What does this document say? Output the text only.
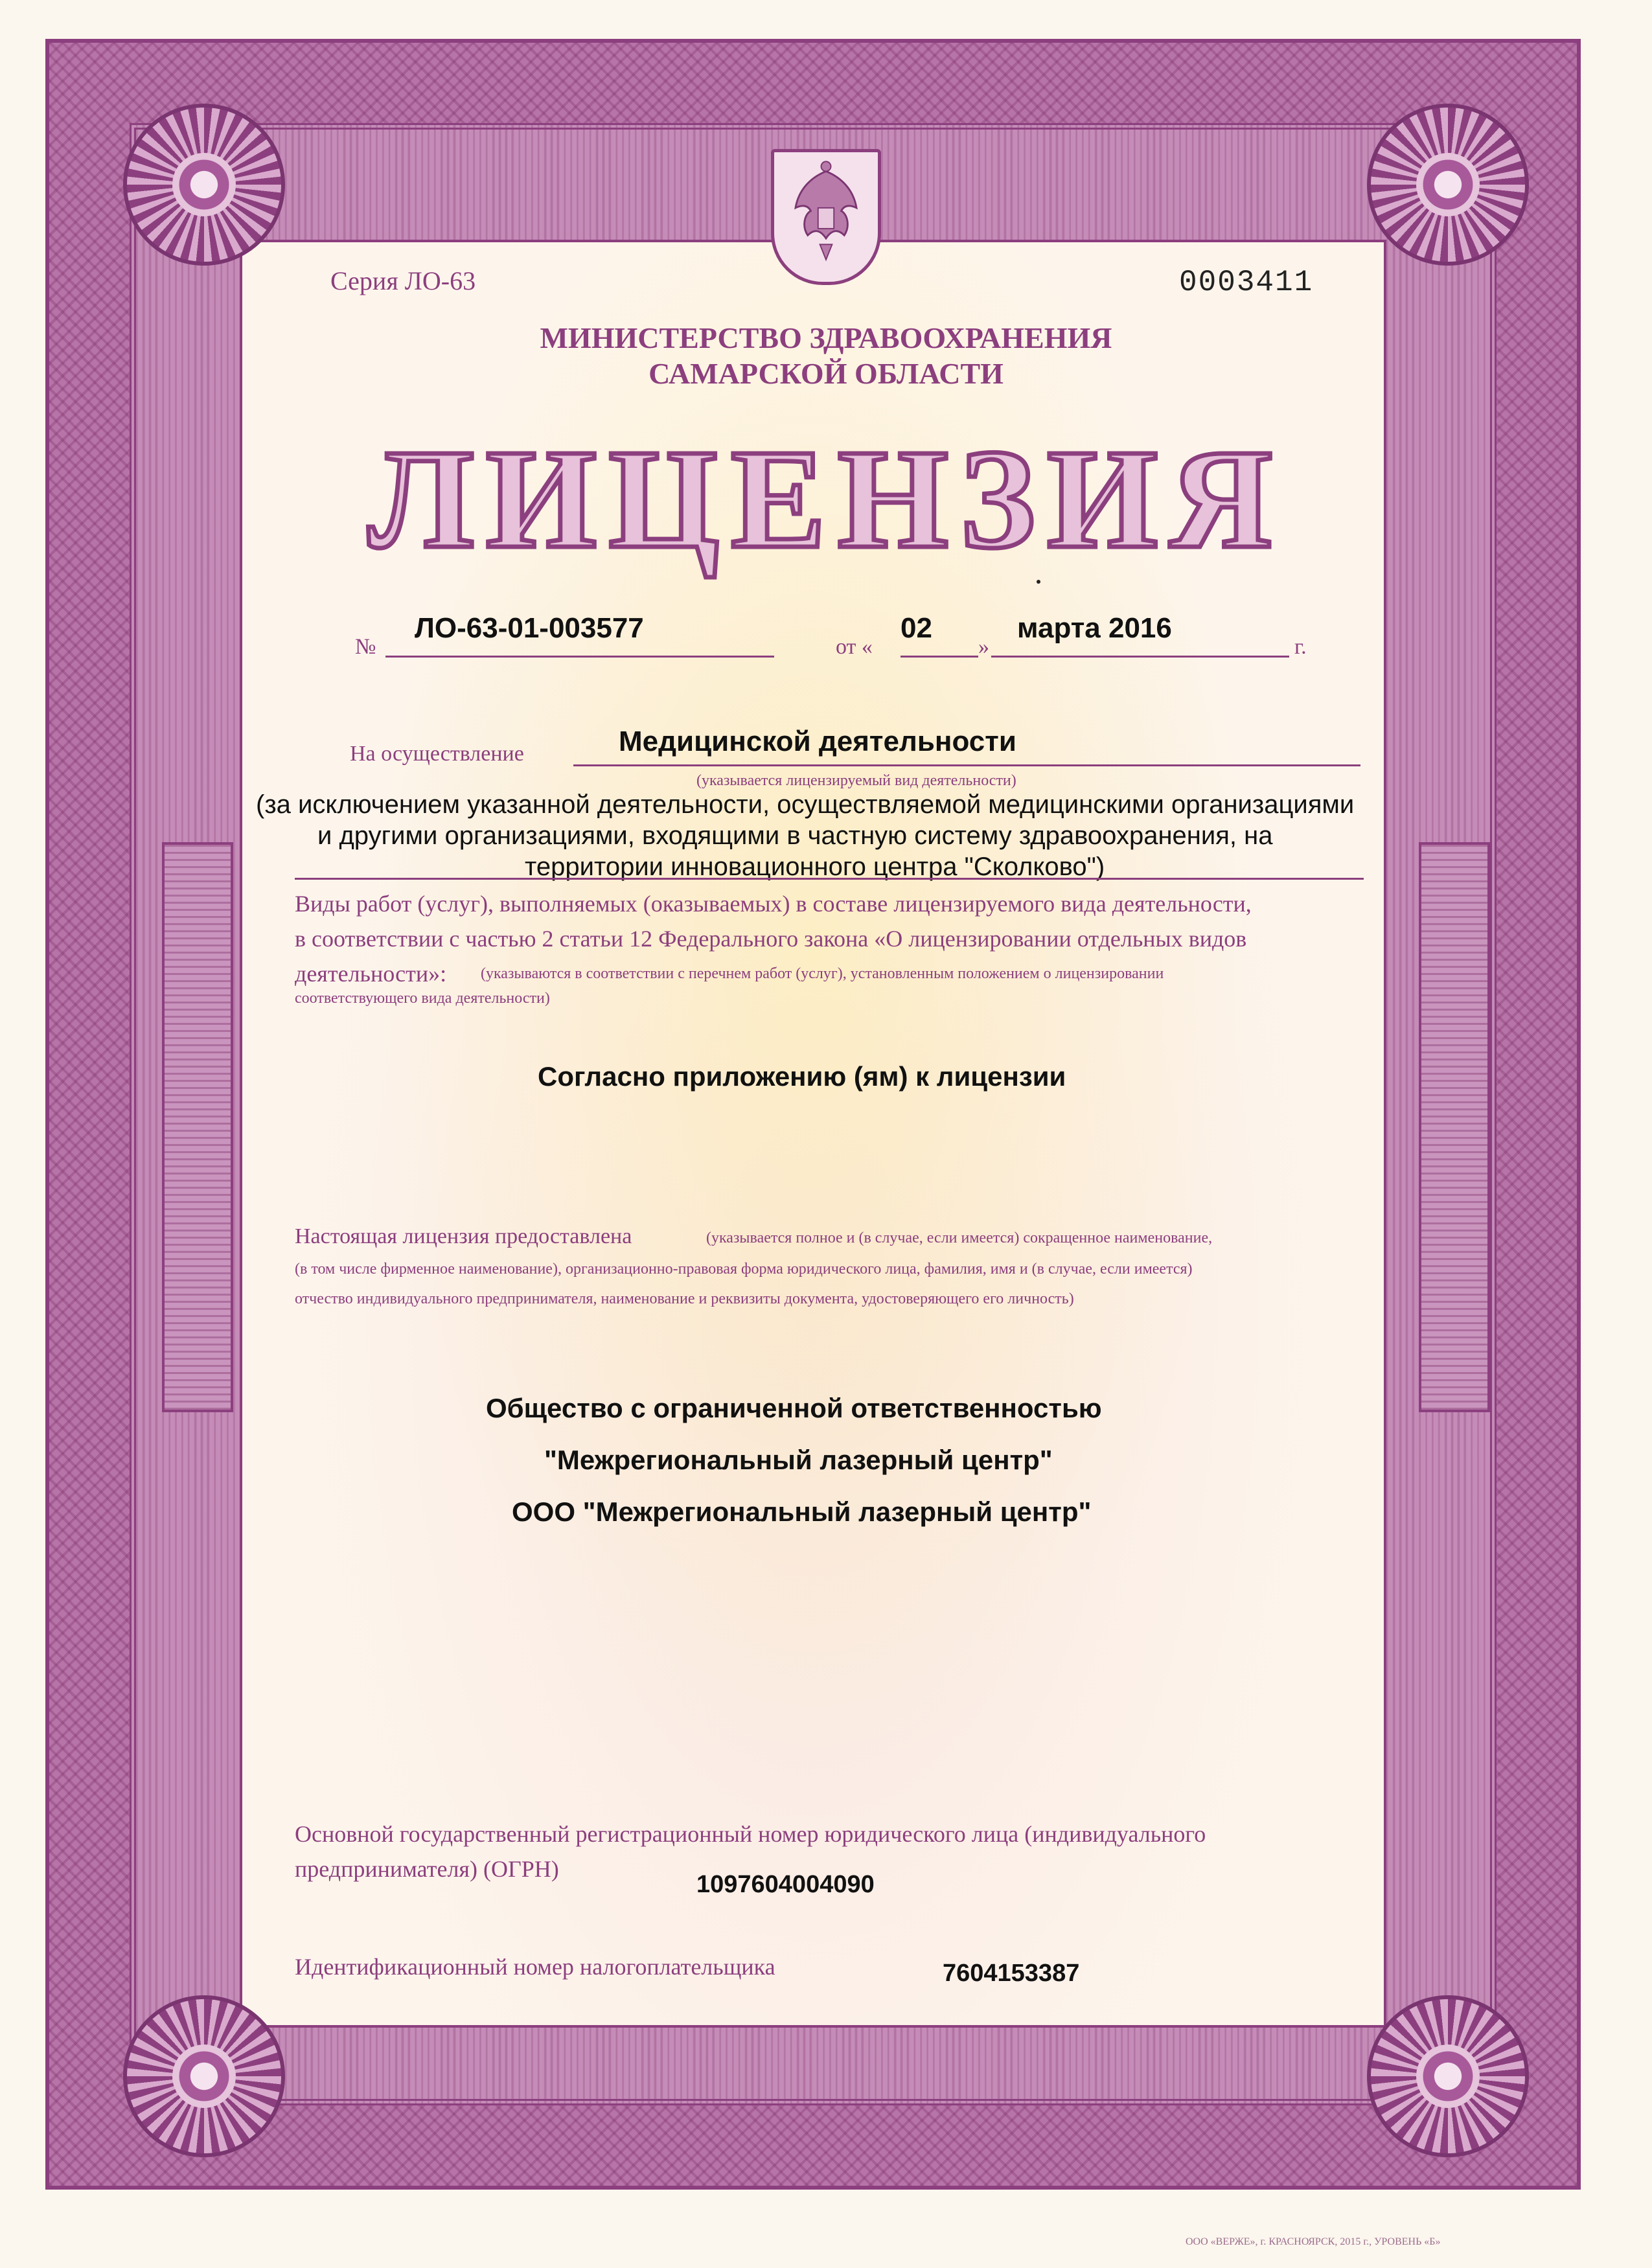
Серия ЛО-63	0003411
МИНИСТЕРСТВО ЗДРАВООХРАНЕНИЯ
САМАРСКОЙ ОБЛАСТИ
ЛИЦЕНЗИЯ
№
ЛО-63-01-003577
от «
02
»
марта 2016
г.
На осуществление	Медицинской деятельности
(указывается лицензируемый вид деятельности)
(за исключением указанной деятельности, осуществляемой медицинскими организациями
и другими организациями, входящими в частную систему здравоохранения, на
территории инновационного центра "Сколково")
Виды работ (услуг), выполняемых (оказываемых) в составе лицензируемого вида деятельности,
в соответствии с частью 2 статьи 12 Федерального закона «О лицензировании отдельных видов
деятельности»: (указываются в соответствии с перечнем работ (услуг), установленным положением о лицензировании
соответствующего вида деятельности)
Согласно приложению (ям) к лицензии
Настоящая лицензия предоставлена	(указывается полное и (в случае, если имеется) сокращенное наименование,
(в том числе фирменное наименование), организационно-правовая форма юридического лица, фамилия, имя и (в случае, если имеется)
отчество индивидуального предпринимателя, наименование и реквизиты документа, удостоверяющего его личность)
Общество с ограниченной ответственностью
"Межрегиональный лазерный центр"
ООО "Межрегиональный лазерный центр"
Основной государственный регистрационный номер юридического лица (индивидуального
предпринимателя) (ОГРН)
1097604004090
Идентификационный номер налогоплательщика	7604153387
ООО «ВЕРЖЕ», г. КРАСНОЯРСК, 2015 г., УРОВЕНЬ «Б»
